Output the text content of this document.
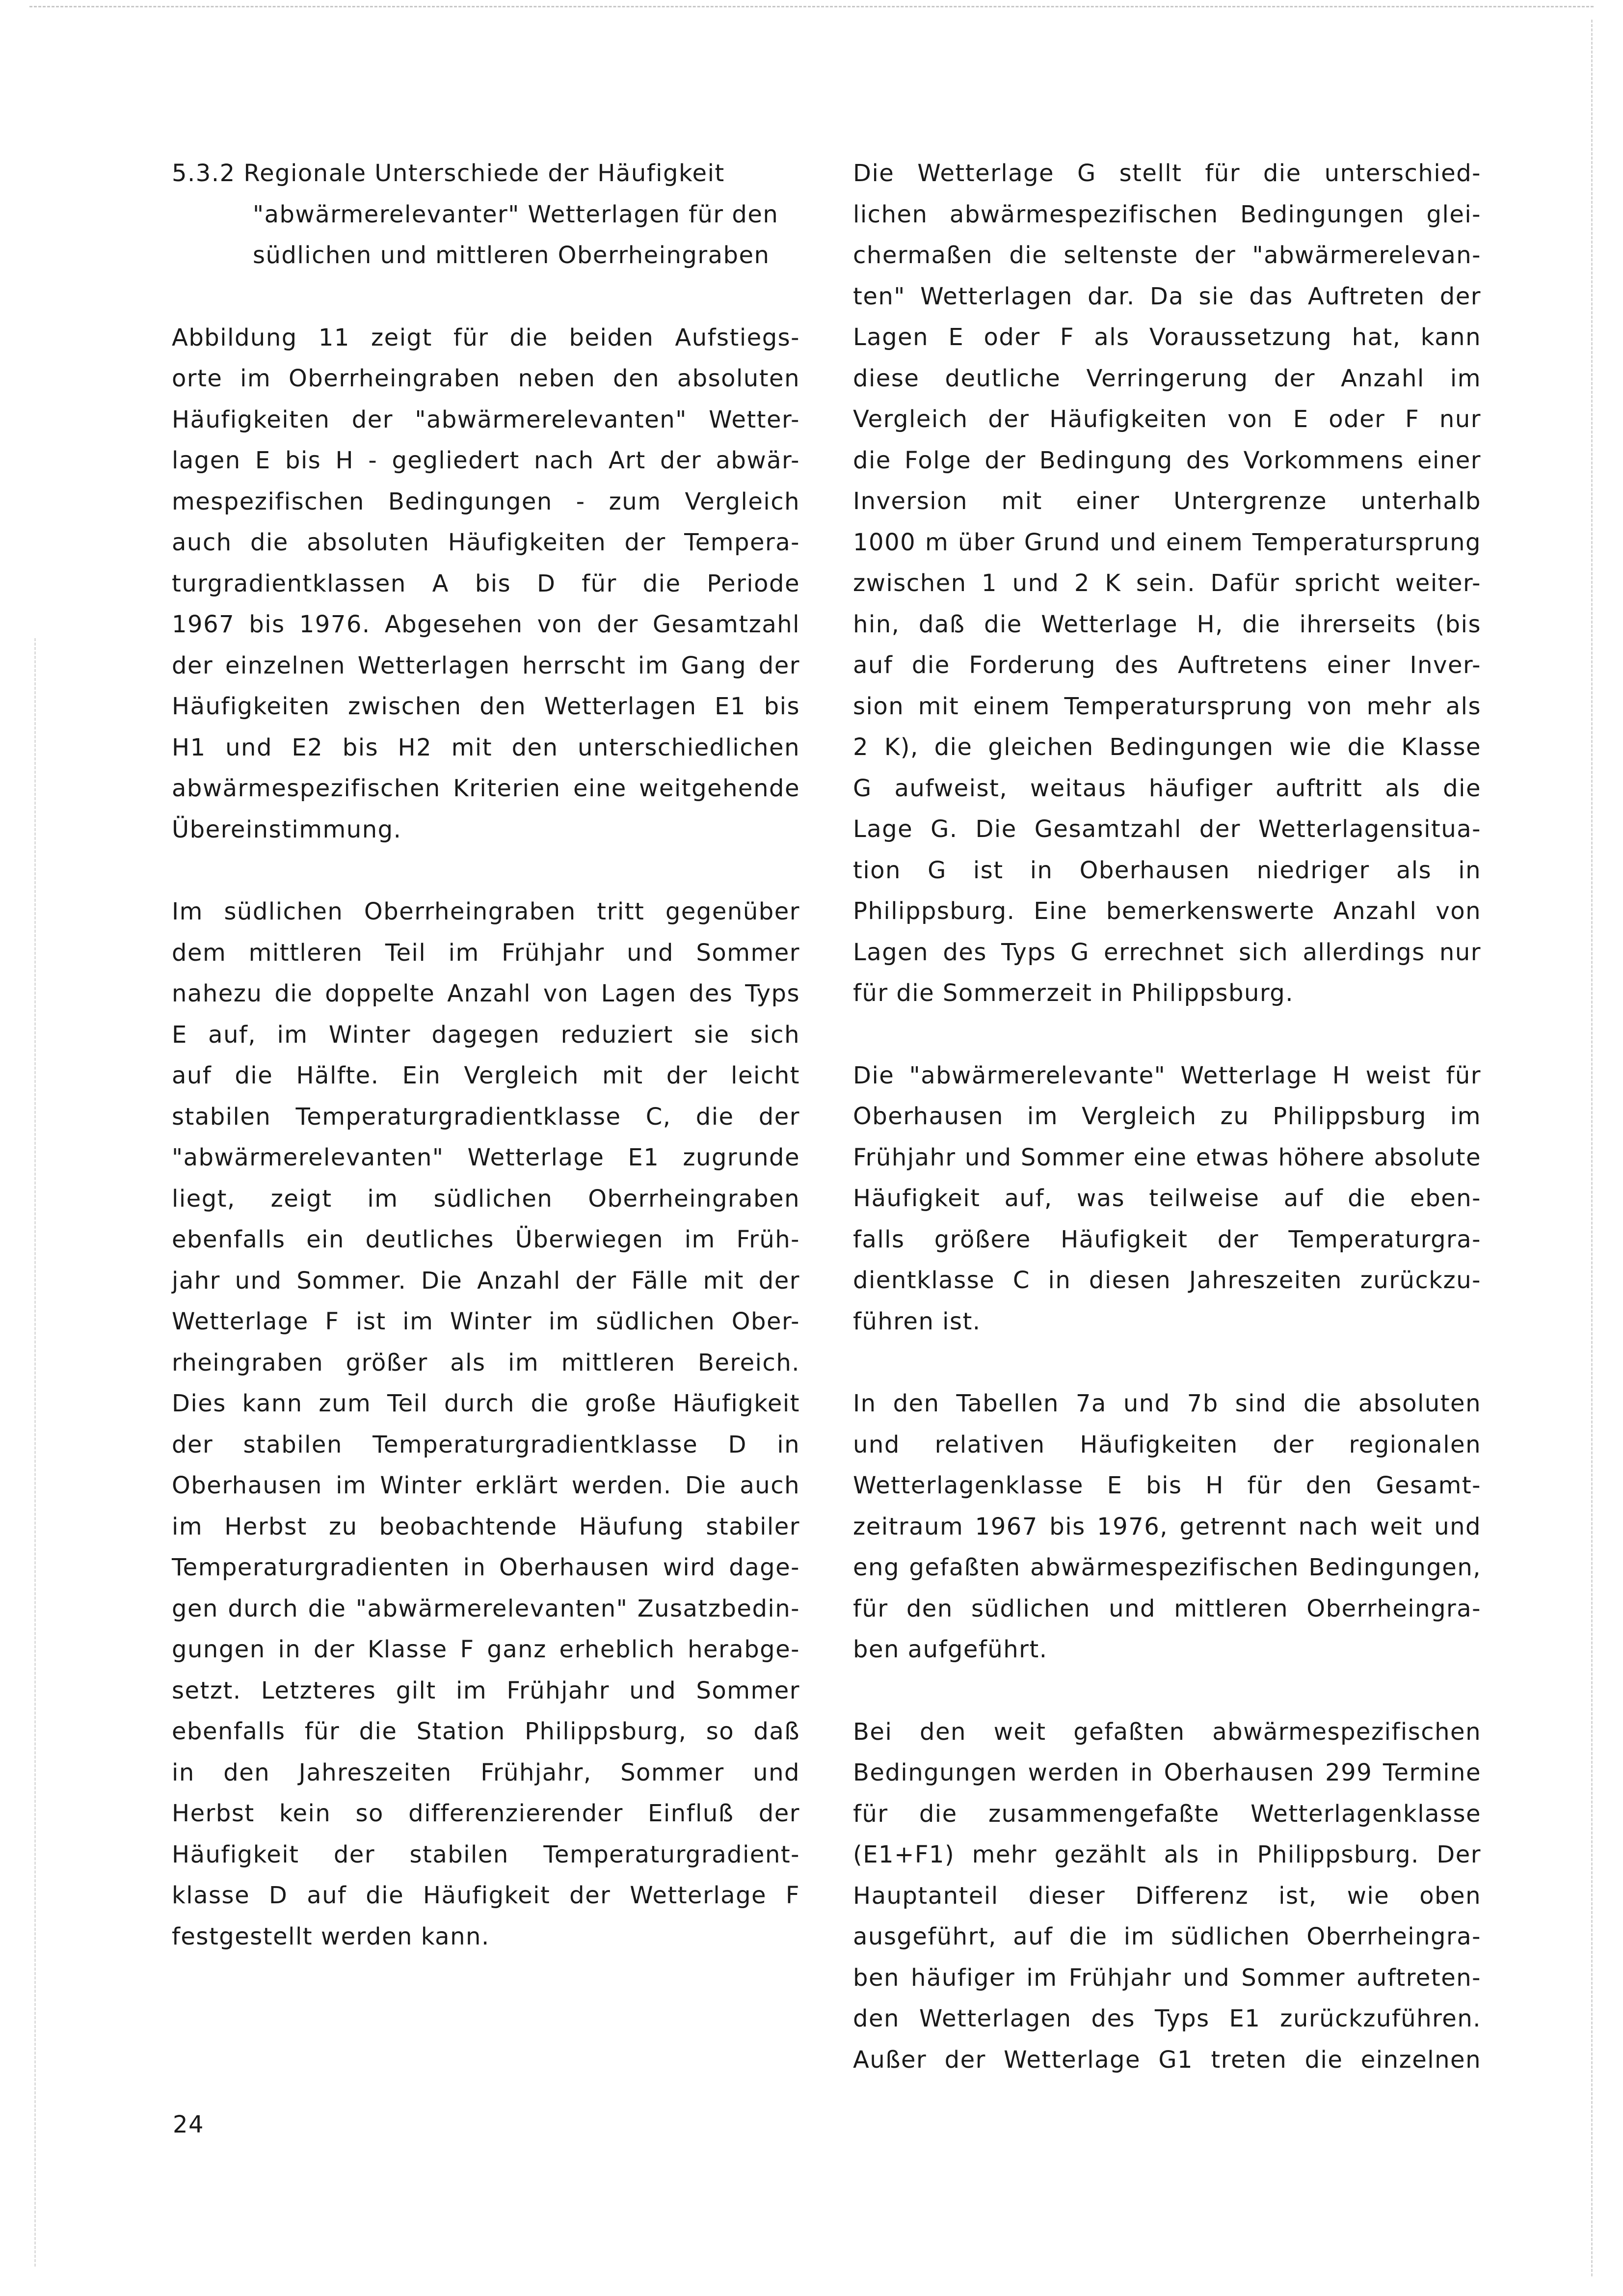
5.3.2 Regionale Unterschiede der Häufigkeit
"abwärmerelevanter" Wetterlagen für den
südlichen und mittleren Oberrheingraben
Abbildung 11 zeigt für die beiden Aufstiegs-
orte im Oberrheingraben neben den absoluten
Häufigkeiten der "abwärmerelevanten" Wetter-
lagen E bis H - gegliedert nach Art der abwär-
mespezifischen Bedingungen - zum Vergleich
auch die absoluten Häufigkeiten der Tempera-
turgradientklassen A bis D für die Periode
1967 bis 1976. Abgesehen von der Gesamtzahl
der einzelnen Wetterlagen herrscht im Gang der
Häufigkeiten zwischen den Wetterlagen E1 bis
H1 und E2 bis H2 mit den unterschiedlichen
abwärmespezifischen Kriterien eine weitgehende
Übereinstimmung.
Im südlichen Oberrheingraben tritt gegenüber
dem mittleren Teil im Frühjahr und Sommer
nahezu die doppelte Anzahl von Lagen des Typs
E auf, im Winter dagegen reduziert sie sich
auf die Hälfte. Ein Vergleich mit der leicht
stabilen Temperaturgradientklasse C, die der
"abwärmerelevanten" Wetterlage E1 zugrunde
liegt, zeigt im südlichen Oberrheingraben
ebenfalls ein deutliches Überwiegen im Früh-
jahr und Sommer. Die Anzahl der Fälle mit der
Wetterlage F ist im Winter im südlichen Ober-
rheingraben größer als im mittleren Bereich.
Dies kann zum Teil durch die große Häufigkeit
der stabilen Temperaturgradientklasse D in
Oberhausen im Winter erklärt werden. Die auch
im Herbst zu beobachtende Häufung stabiler
Temperaturgradienten in Oberhausen wird dage-
gen durch die "abwärmerelevanten" Zusatzbedin-
gungen in der Klasse F ganz erheblich herabge-
setzt. Letzteres gilt im Frühjahr und Sommer
ebenfalls für die Station Philippsburg, so daß
in den Jahreszeiten Frühjahr, Sommer und
Herbst kein so differenzierender Einfluß der
Häufigkeit der stabilen Temperaturgradient-
klasse D auf die Häufigkeit der Wetterlage F
festgestellt werden kann.
Die Wetterlage G stellt für die unterschied-
lichen abwärmespezifischen Bedingungen glei-
chermaßen die seltenste der "abwärmerelevan-
ten" Wetterlagen dar. Da sie das Auftreten der
Lagen E oder F als Voraussetzung hat, kann
diese deutliche Verringerung der Anzahl im
Vergleich der Häufigkeiten von E oder F nur
die Folge der Bedingung des Vorkommens einer
Inversion mit einer Untergrenze unterhalb
1000 m über Grund und einem Temperatursprung
zwischen 1 und 2 K sein. Dafür spricht weiter-
hin, daß die Wetterlage H, die ihrerseits (bis
auf die Forderung des Auftretens einer Inver-
sion mit einem Temperatursprung von mehr als
2 K), die gleichen Bedingungen wie die Klasse
G aufweist, weitaus häufiger auftritt als die
Lage G. Die Gesamtzahl der Wetterlagensitua-
tion G ist in Oberhausen niedriger als in
Philippsburg. Eine bemerkenswerte Anzahl von
Lagen des Typs G errechnet sich allerdings nur
für die Sommerzeit in Philippsburg.
Die "abwärmerelevante" Wetterlage H weist für
Oberhausen im Vergleich zu Philippsburg im
Frühjahr und Sommer eine etwas höhere absolute
Häufigkeit auf, was teilweise auf die eben-
falls größere Häufigkeit der Temperaturgra-
dientklasse C in diesen Jahreszeiten zurückzu-
führen ist.
In den Tabellen 7a und 7b sind die absoluten
und relativen Häufigkeiten der regionalen
Wetterlagenklasse E bis H für den Gesamt-
zeitraum 1967 bis 1976, getrennt nach weit und
eng gefaßten abwärmespezifischen Bedingungen,
für den südlichen und mittleren Oberrheingra-
ben aufgeführt.
Bei den weit gefaßten abwärmespezifischen
Bedingungen werden in Oberhausen 299 Termine
für die zusammengefaßte Wetterlagenklasse
(E1+F1) mehr gezählt als in Philippsburg. Der
Hauptanteil dieser Differenz ist, wie oben
ausgeführt, auf die im südlichen Oberrheingra-
ben häufiger im Frühjahr und Sommer auftreten-
den Wetterlagen des Typs E1 zurückzuführen.
Außer der Wetterlage G1 treten die einzelnen
24
